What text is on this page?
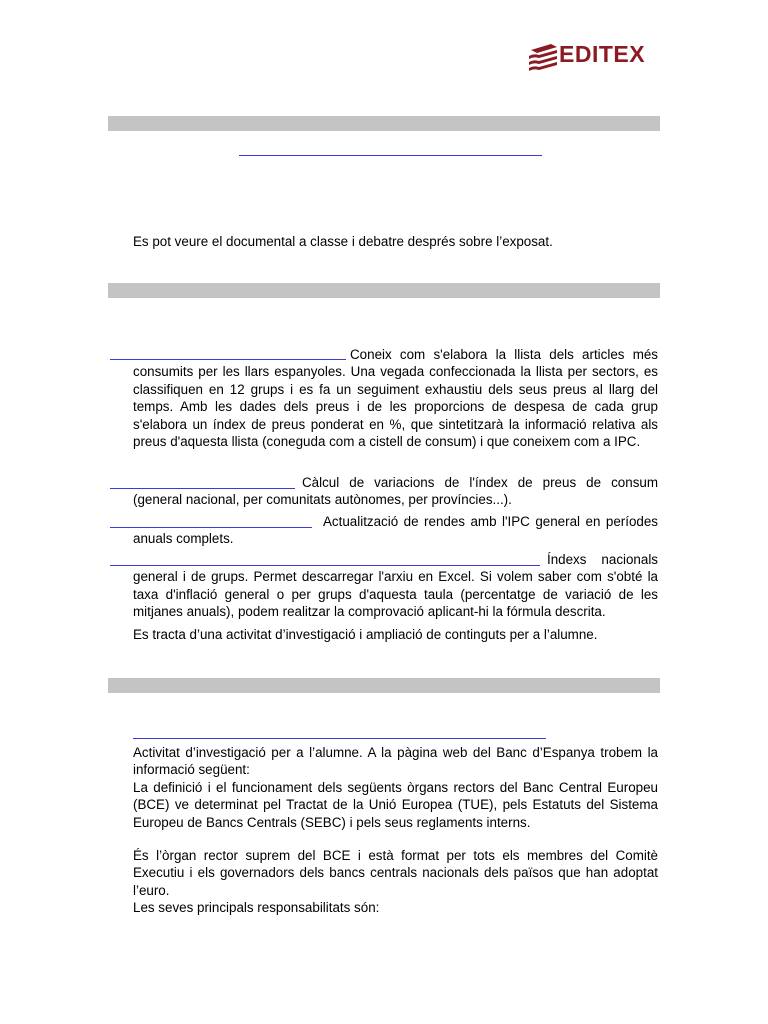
EDITEX

Es pot veure el documental a classe i debatre després sobre l’exposat.

Coneix com s'elabora la llista dels articles més consumits per les llars espanyoles. Una vegada confeccionada la llista per sectors, es classifiquen en 12 grups i es fa un seguiment exhaustiu dels seus preus al llarg del temps. Amb les dades dels preus i de les proporcions de despesa de cada grup s'elabora un índex de preus ponderat en %, que sintetitzarà la informació relativa als preus d'aquesta llista (coneguda com a cistell de consum) i que coneixem com a IPC.

Càlcul de variacions de l'índex de preus de consum (general nacional, per comunitats autònomes, per províncies...).

Actualització de rendes amb l'IPC general en períodes anuals complets.

Índexs nacionals general i de grups. Permet descarregar l'arxiu en Excel. Si volem saber com s'obté la taxa d'inflació general o per grups d'aquesta taula (percentatge de variació de les mitjanes anuals), podem realitzar la comprovació aplicant-hi la fórmula descrita.

Es tracta d’una activitat d’investigació i ampliació de continguts per a l’alumne.

Activitat d’investigació per a l’alumne. A la pàgina web del Banc d’Espanya trobem la informació següent:

La definició i el funcionament dels següents òrgans rectors del Banc Central Europeu (BCE) ve determinat pel Tractat de la Unió Europea (TUE), pels Estatuts del Sistema Europeu de Bancs Centrals (SEBC) i pels seus reglaments interns.

És l’òrgan rector suprem del BCE i està format per tots els membres del Comitè Executiu i els governadors dels bancs centrals nacionals dels països que han adoptat l’euro.

Les seves principals responsabilitats són:
